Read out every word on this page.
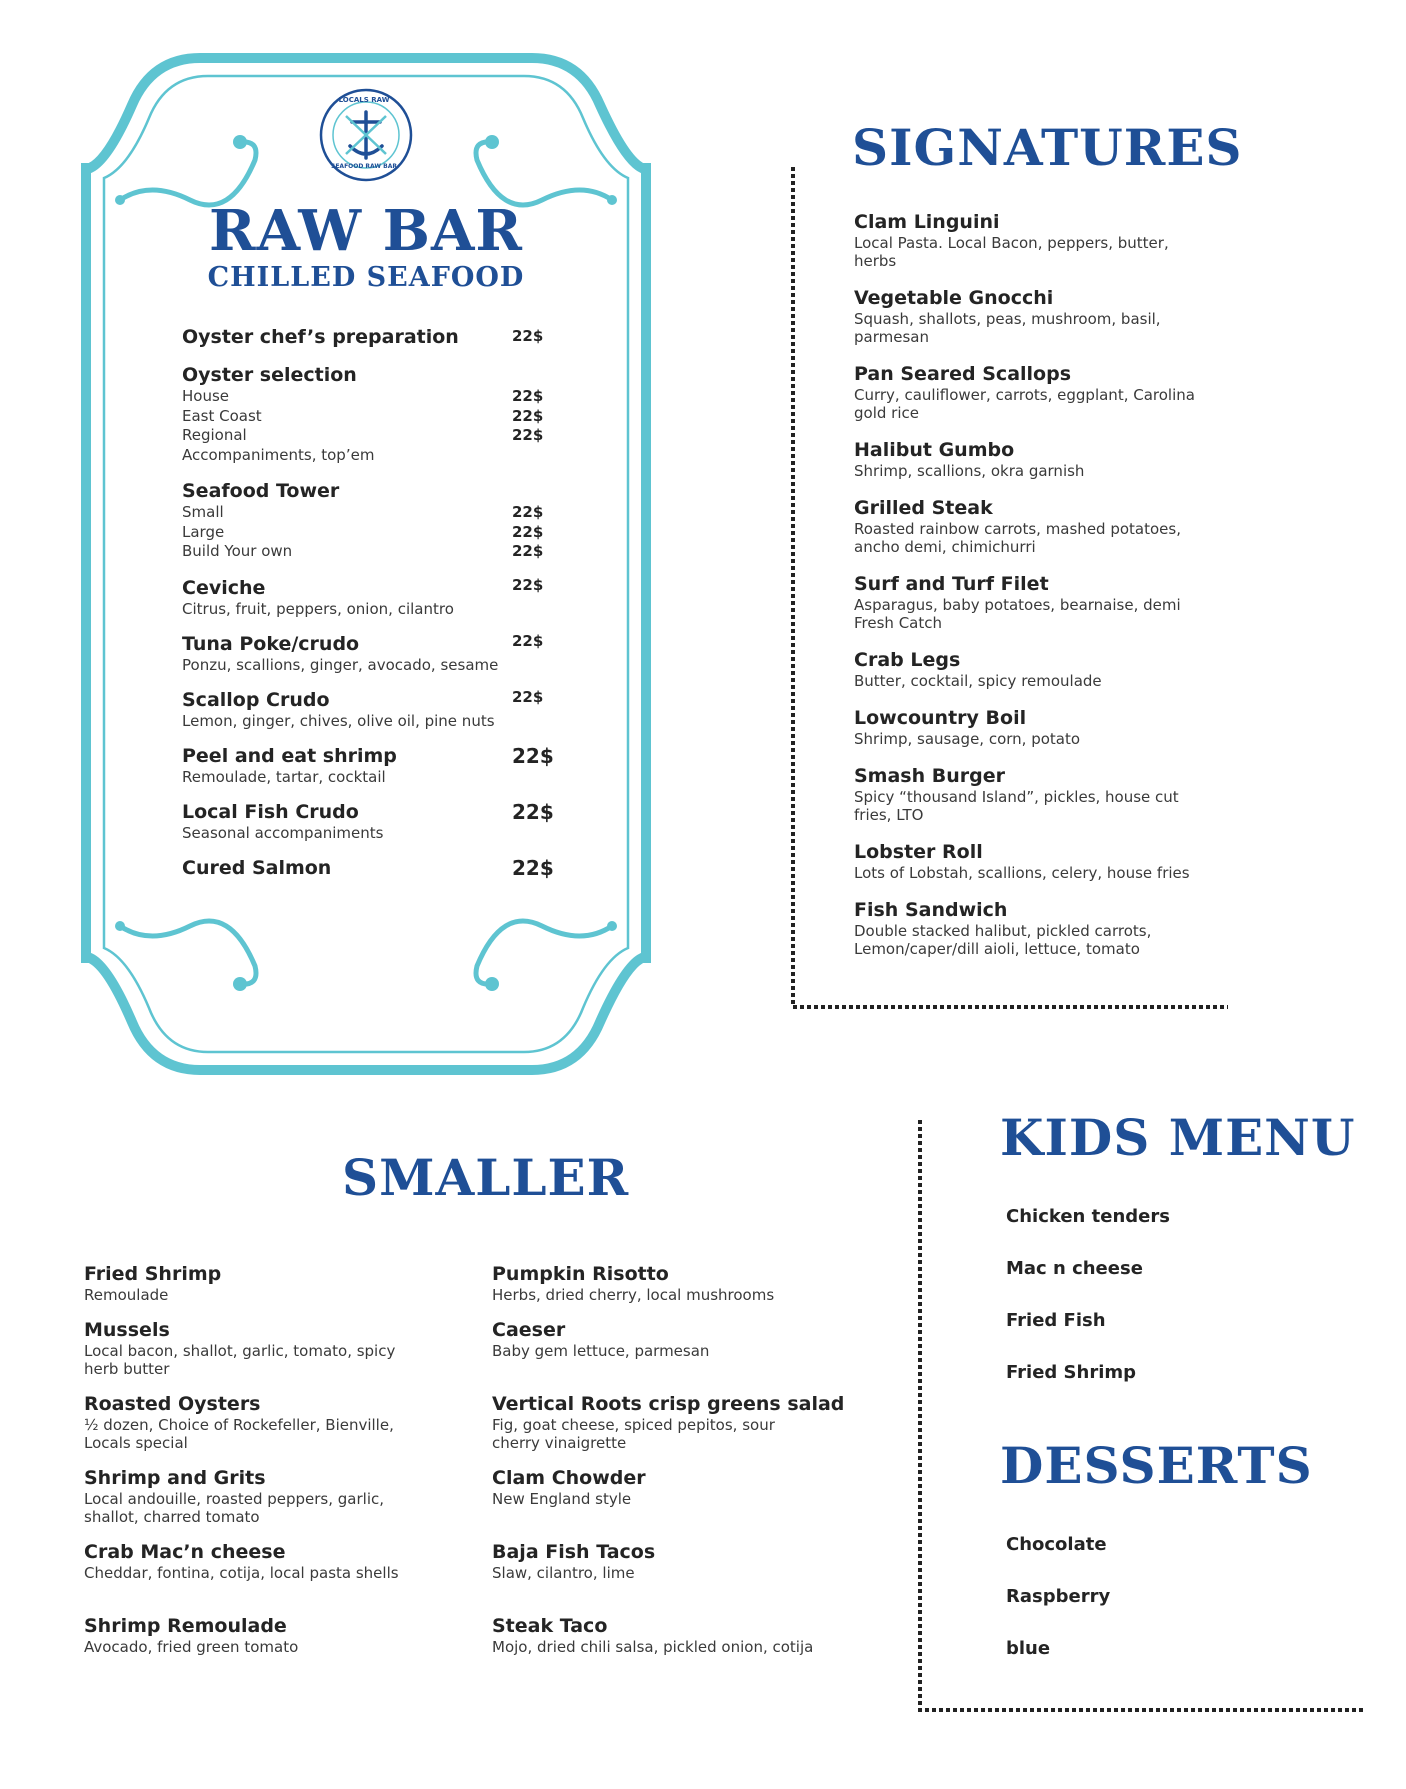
LOCALS RAW
SEAFOOD RAW BAR
RAW BAR
CHILLED SEAFOOD
Oyster chef’s preparation	22$
Oyster selection
House	22$
East Coast	22$
Regional	22$
Accompaniments, top’em
Seafood Tower
Small	22$
Large	22$
Build Your own	22$
Ceviche	22$
Citrus, fruit, peppers, onion, cilantro
Tuna Poke/crudo	22$
Ponzu, scallions, ginger, avocado, sesame
Scallop Crudo	22$
Lemon, ginger, chives, olive oil, pine nuts
Peel and eat shrimp	22$
Remoulade, tartar, cocktail
Local Fish Crudo	22$
Seasonal accompaniments
Cured Salmon	22$
SIGNATURES
Clam Linguini
Local Pasta. Local Bacon, peppers, butter, herbs
Vegetable Gnocchi
Squash, shallots, peas, mushroom, basil, parmesan
Pan Seared Scallops
Curry, cauliflower, carrots, eggplant, Carolina gold rice
Halibut Gumbo
Shrimp, scallions, okra garnish
Grilled Steak
Roasted rainbow carrots, mashed potatoes, ancho demi, chimichurri
Surf and Turf Filet
Asparagus, baby potatoes, bearnaise, demi Fresh Catch
Crab Legs
Butter, cocktail, spicy remoulade
Lowcountry Boil
Shrimp, sausage, corn, potato
Smash Burger
Spicy “thousand Island”, pickles, house cut fries, LTO
Lobster Roll
Lots of Lobstah, scallions, celery, house fries
Fish Sandwich
Double stacked halibut, pickled carrots, Lemon/caper/dill aioli, lettuce, tomato
SMALLER
Fried Shrimp
Remoulade
Mussels
Local bacon, shallot, garlic, tomato, spicy herb butter
Roasted Oysters
½ dozen, Choice of Rockefeller, Bienville, Locals special
Shrimp and Grits
Local andouille, roasted peppers, garlic, shallot, charred tomato
Crab Mac’n cheese
Cheddar, fontina, cotija, local pasta shells
Shrimp Remoulade
Avocado, fried green tomato
Pumpkin Risotto
Herbs, dried cherry, local mushrooms
Caeser
Baby gem lettuce, parmesan
Vertical Roots crisp greens salad
Fig, goat cheese, spiced pepitos, sour cherry vinaigrette
Clam Chowder
New England style
Baja Fish Tacos
Slaw, cilantro, lime
Steak Taco
Mojo, dried chili salsa, pickled onion, cotija
KIDS MENU
Chicken tenders
Mac n cheese
Fried Fish
Fried Shrimp
DESSERTS
Chocolate
Raspberry
blue
